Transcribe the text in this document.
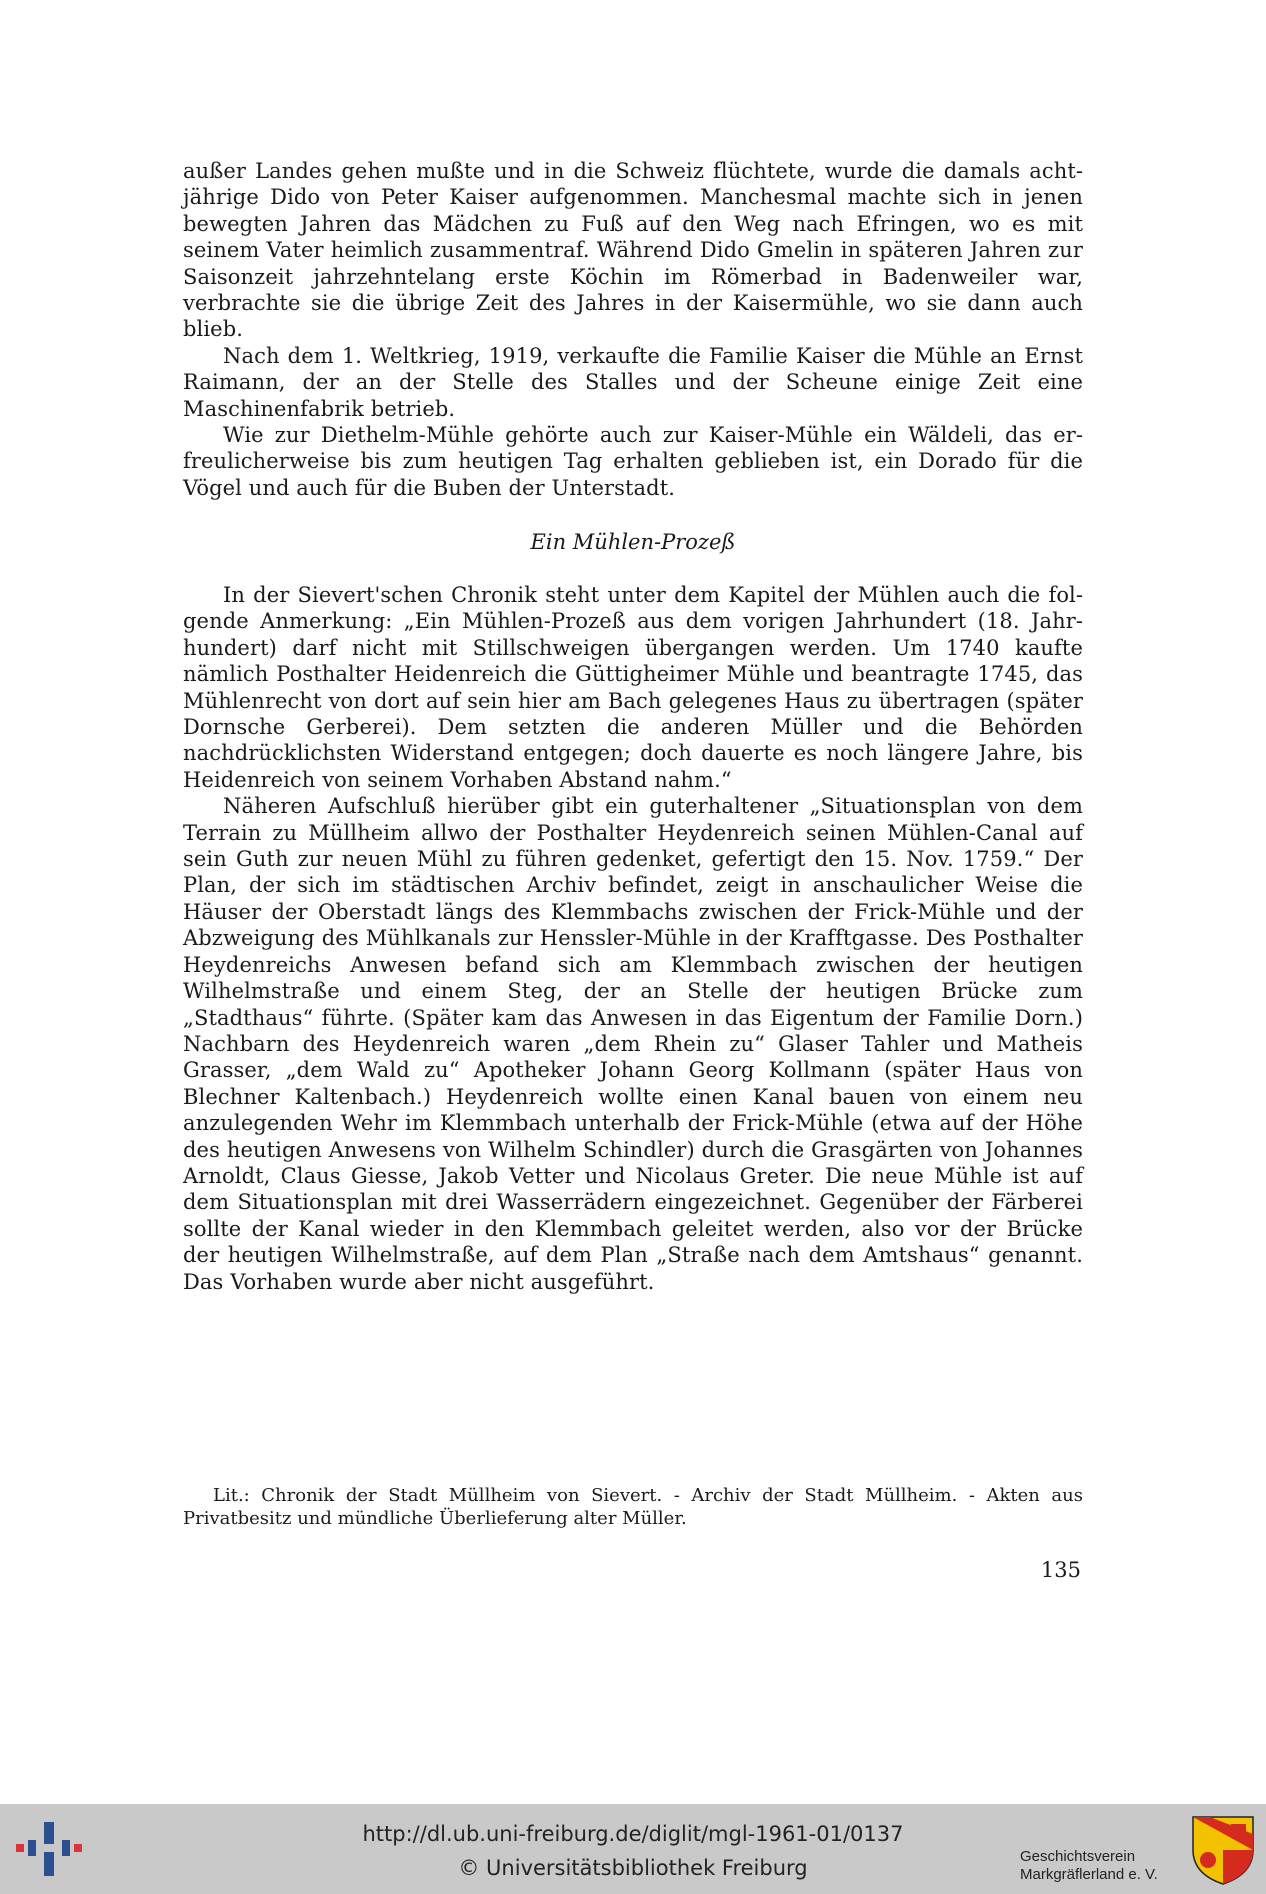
außer Landes gehen mußte und in die Schweiz flüchtete, wurde die damals achtjährige Dido von Peter Kaiser aufgenommen. Manchesmal machte sich in jenen bewegten Jahren das Mädchen zu Fuß auf den Weg nach Efringen, wo es mit seinem Vater heimlich zusammentraf. Während Dido Gmelin in späteren Jahren zur Saisonzeit jahrzehntelang erste Köchin im Römerbad in Badenweiler war, verbrachte sie die übrige Zeit des Jahres in der Kaisermühle, wo sie dann auch blieb.

Nach dem 1. Weltkrieg, 1919, verkaufte die Familie Kaiser die Mühle an Ernst Raimann, der an der Stelle des Stalles und der Scheune einige Zeit eine Maschinenfabrik betrieb.

Wie zur Diethelm-Mühle gehörte auch zur Kaiser-Mühle ein Wäldeli, das erfreulicherweise bis zum heutigen Tag erhalten geblieben ist, ein Dorado für die Vögel und auch für die Buben der Unterstadt.

Ein Mühlen-Prozeß

In der Sievert'schen Chronik steht unter dem Kapitel der Mühlen auch die folgende Anmerkung: „Ein Mühlen-Prozeß aus dem vorigen Jahrhundert (18. Jahrhundert) darf nicht mit Stillschweigen übergangen werden. Um 1740 kaufte nämlich Posthalter Heidenreich die Güttigheimer Mühle und beantragte 1745, das Mühlenrecht von dort auf sein hier am Bach gelegenes Haus zu übertragen (später Dornsche Gerberei). Dem setzten die anderen Müller und die Behörden nachdrücklichsten Widerstand entgegen; doch dauerte es noch längere Jahre, bis Heidenreich von seinem Vorhaben Abstand nahm.“

Näheren Aufschluß hierüber gibt ein guterhaltener „Situationsplan von dem Terrain zu Müllheim allwo der Posthalter Heydenreich seinen Mühlen-Canal auf sein Guth zur neuen Mühl zu führen gedenket, gefertigt den 15. Nov. 1759.“ Der Plan, der sich im städtischen Archiv befindet, zeigt in anschaulicher Weise die Häuser der Oberstadt längs des Klemmbachs zwischen der Frick-Mühle und der Abzweigung des Mühlkanals zur Henssler-Mühle in der Krafftgasse. Des Posthalter Heydenreichs Anwesen befand sich am Klemmbach zwischen der heutigen Wilhelmstraße und einem Steg, der an Stelle der heutigen Brücke zum „Stadthaus“ führte. (Später kam das Anwesen in das Eigentum der Familie Dorn.) Nachbarn des Heydenreich waren „dem Rhein zu“ Glaser Tahler und Matheis Grasser, „dem Wald zu“ Apotheker Johann Georg Kollmann (später Haus von Blechner Kaltenbach.) Heydenreich wollte einen Kanal bauen von einem neu anzulegenden Wehr im Klemmbach unterhalb der Frick-Mühle (etwa auf der Höhe des heutigen Anwesens von Wilhelm Schindler) durch die Grasgärten von Johannes Arnoldt, Claus Giesse, Jakob Vetter und Nicolaus Greter. Die neue Mühle ist auf dem Situationsplan mit drei Wasserrädern eingezeichnet. Gegenüber der Färberei sollte der Kanal wieder in den Klemmbach geleitet werden, also vor der Brücke der heutigen Wilhelmstraße, auf dem Plan „Straße nach dem Amtshaus“ genannt. Das Vorhaben wurde aber nicht ausgeführt.

Lit.: Chronik der Stadt Müllheim von Sievert. - Archiv der Stadt Müllheim. - Akten aus Privatbesitz und mündliche Überlieferung alter Müller.

135
http://dl.ub.uni-freiburg.de/diglit/mgl-1961-01/0137
© Universitätsbibliothek Freiburg	Geschichtsverein
Markgräflerland e. V.
